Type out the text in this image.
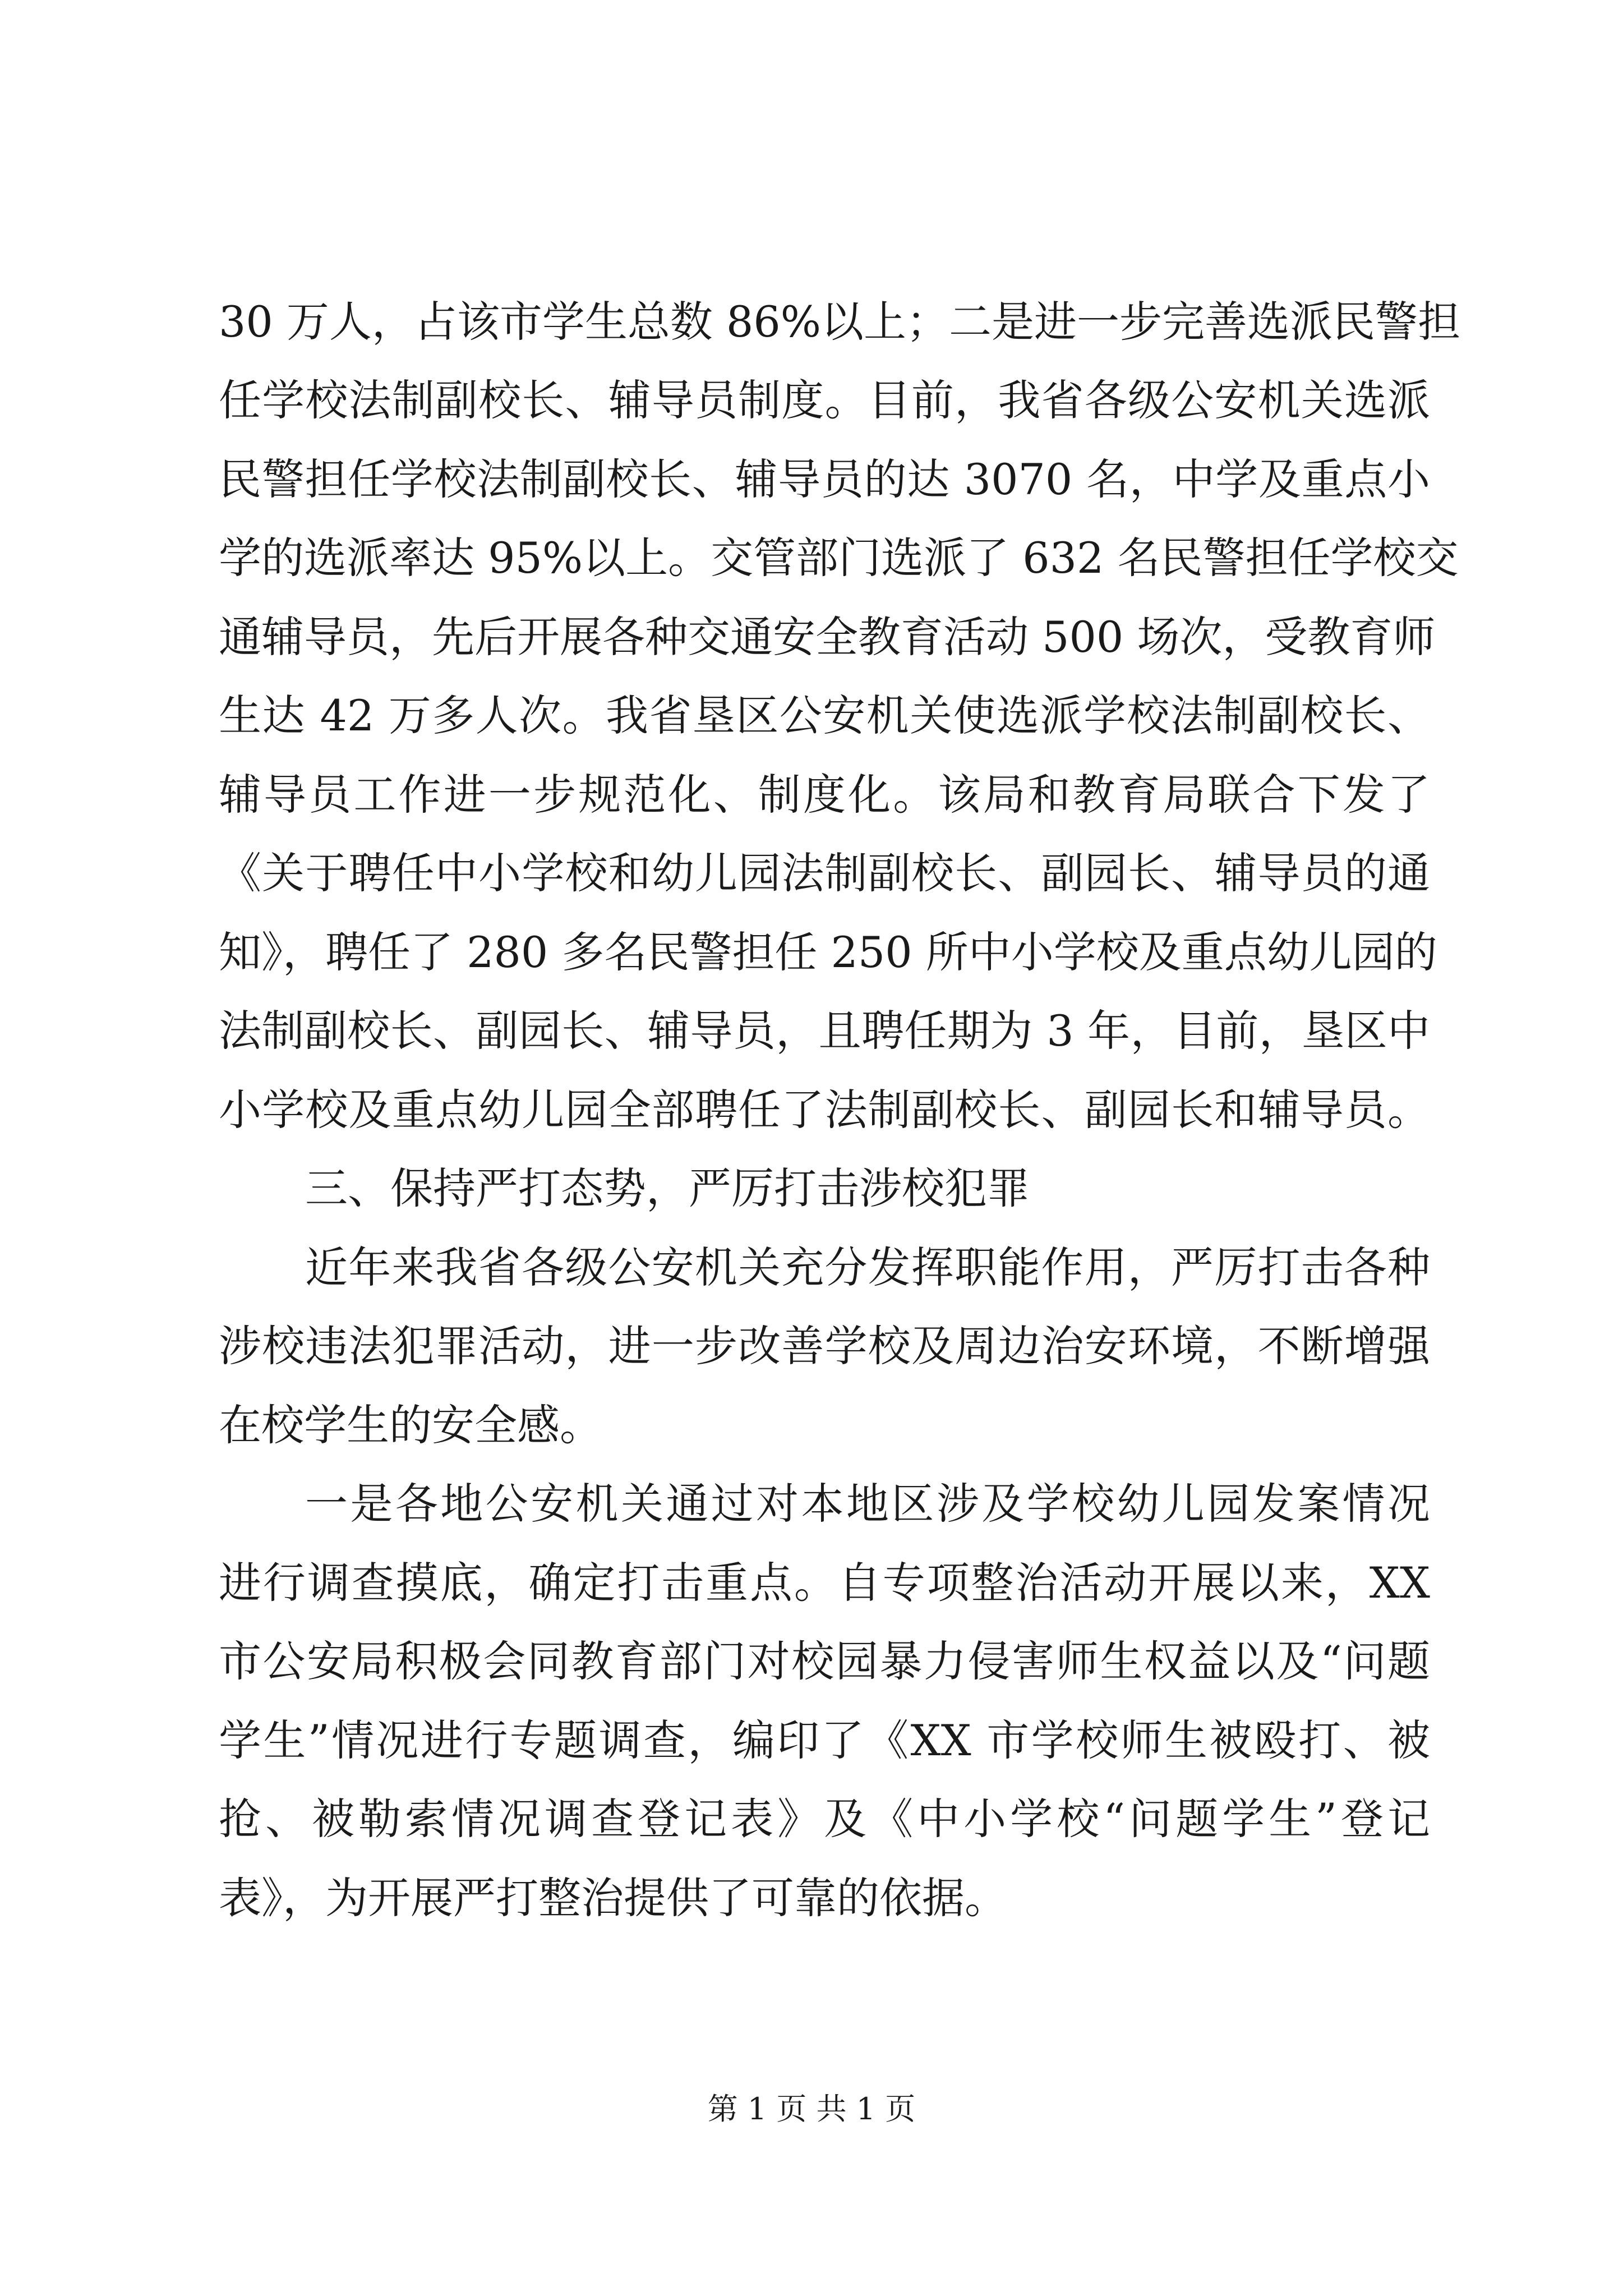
30 万人，占该市学生总数 86%以上；二是进一步完善选派民警担
任学校法制副校长、辅导员制度。目前，我省各级公安机关选派
民警担任学校法制副校长、辅导员的达 3070 名，中学及重点小
学的选派率达 95%以上。交管部门选派了 632 名民警担任学校交
通辅导员，先后开展各种交通安全教育活动 500 场次，受教育师
生达 42 万多人次。我省垦区公安机关使选派学校法制副校长、
辅导员工作进一步规范化、制度化。该局和教育局联合下发了
《关于聘任中小学校和幼儿园法制副校长、副园长、辅导员的通
知》，聘任了 280 多名民警担任 250 所中小学校及重点幼儿园的
法制副校长、副园长、辅导员，且聘任期为 3 年，目前，垦区中
小学校及重点幼儿园全部聘任了法制副校长、副园长和辅导员。
三、保持严打态势，严厉打击涉校犯罪
近年来我省各级公安机关充分发挥职能作用，严厉打击各种
涉校违法犯罪活动，进一步改善学校及周边治安环境，不断增强
在校学生的安全感。
一是各地公安机关通过对本地区涉及学校幼儿园发案情况
进行调查摸底，确定打击重点。自专项整治活动开展以来，XX
市公安局积极会同教育部门对校园暴力侵害师生权益以及“问题
学生”情况进行专题调查，编印了《XX 市学校师生被殴打、被
抢、被勒索情况调查登记表》及《中小学校“问题学生”登记
表》，为开展严打整治提供了可靠的依据。
第 1 页 共 1 页
